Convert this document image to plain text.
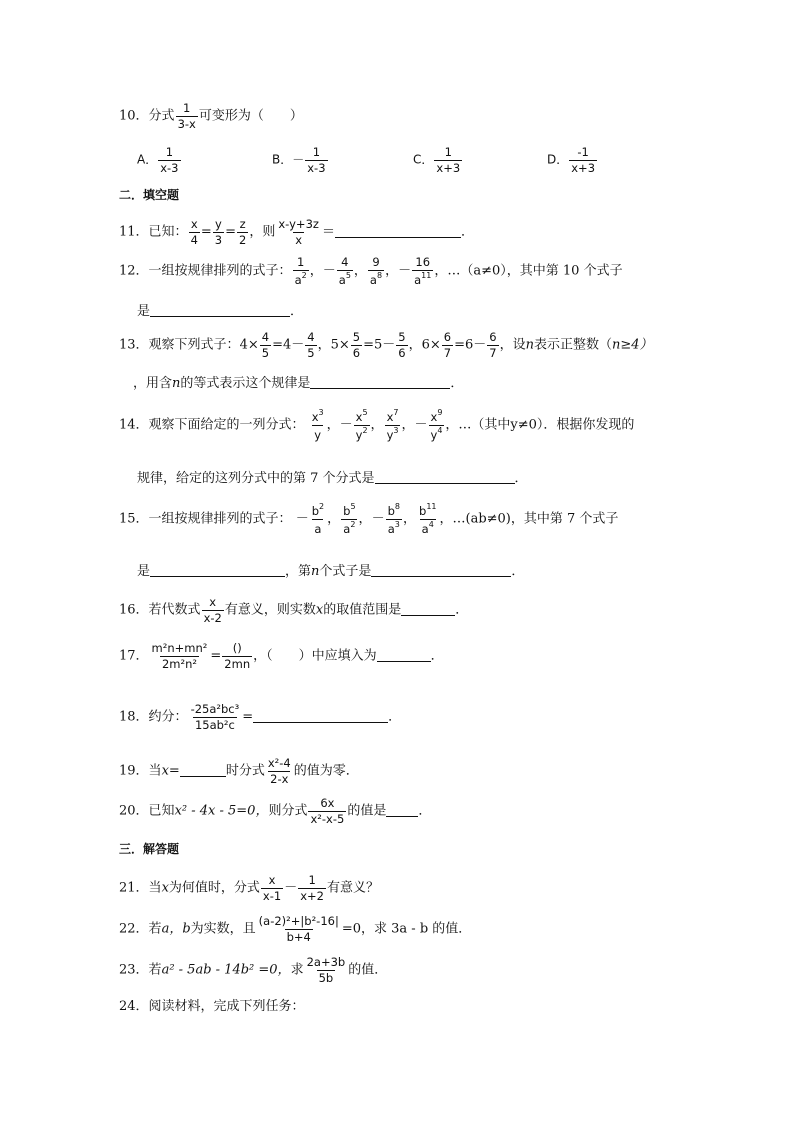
10．分式 $\frac{1}{3-x}$ 可变形为（　　）
A． $\frac{1}{x-3}$	B．－ $\frac{1}{x-3}$	C． $\frac{1}{x+3}$	D． $\frac{-1}{x+3}$
二．填空题
11．已知： $\frac{x}{4} = \frac{y}{3} = \frac{z}{2}$ ，则 $\frac{x-y+3z}{x}$ ＝	．
12．一组按规律排列的式子： $\frac{1}{a^2}$ ，－ $\frac{4}{a^5}$ ， $\frac{9}{a^8}$ ，－ $\frac{16}{a^{11}}$ ，…（a≠0），其中第 10 个式子
是	．
13．观察下列式子：$4\times \frac{4}{5} =4- \frac{4}{5}$ ，$5\times \frac{5}{6} =5- \frac{5}{6}$ ，$6\times \frac{6}{7} =6- \frac{6}{7}$ ，设n表示正整数（n≥4）
，用含n的等式表示这个规律是	．
14．观察下面给定的一列分式： $\frac{x^3}{y}$ ，－ $\frac{x^5}{y^2}$ ， $\frac{x^7}{y^3}$ ，－ $\frac{x^9}{y^4}$ ，…（其中y≠0）．根据你发现的
规律，给定的这列分式中的第 7 个分式是	．
15．一组按规律排列的式子： － $\frac{b^2}{a}$ ， $\frac{b^5}{a^2}$ ，－ $\frac{b^8}{a^3}$ ， $\frac{b^{11}}{a^4}$ ，…(ab≠0)，其中第 7 个式子
是	，第n个式子是	．
16．若代数式 $\frac{x}{x-2}$ 有意义，则实数x的取值范围是	．
17． $\frac{\text{m²n+mn²}}{\text{2m²n²}} = \frac{()}{2mn}$ ，（　　）中应填入为	．
18．约分： $\frac{\text{-25a²bc³}}{\text{15ab²c}}$ =	．
19．当x=	时分式 $\frac{\text{x²-4}}{2-x}$ 的值为零．
20．已知x² - 4x - 5=0，则分式 $\frac{6x}{\text{x²-x-5}}$ 的值是 ．
三．解答题
21．当x为何值时，分式 $\frac{x}{x-1} - \frac{1}{x+2}$ 有意义？
22．若a，b为实数，且 $\frac{\text{(a-2)²+|b²-16|}}{b+4} =0$，求 3a - b 的值．
23．若a² - 5ab - 14b² =0，求 $\frac{2a+3b}{5b}$ 的值．
24．阅读材料，完成下列任务：
